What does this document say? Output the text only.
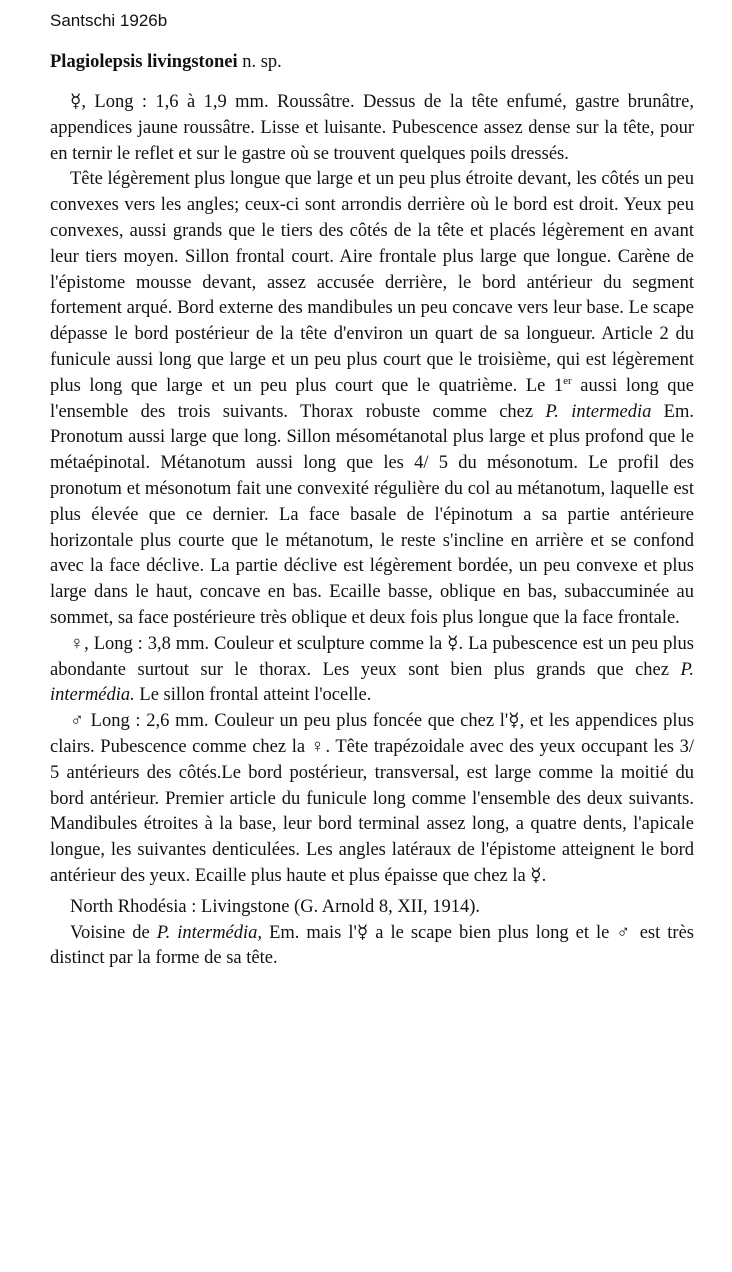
Santschi 1926b
Plagiolepsis livingstonei n. sp.

☿, Long : 1,6 à 1,9 mm. Roussâtre. Dessus de la tête enfumé, gastre brunâtre, appendices jaune roussâtre. Lisse et luisante. Pubescence assez dense sur la tête, pour en ternir le reflet et sur le gastre où se trouvent quelques poils dressés.

Tête légèrement plus longue que large et un peu plus étroite devant, les côtés un peu convexes vers les angles; ceux-ci sont arrondis derrière où le bord est droit. Yeux peu convexes, aussi grands que le tiers des côtés de la tête et placés légèrement en avant leur tiers moyen. Sillon frontal court. Aire frontale plus large que longue. Carène de l'épistome mousse devant, assez accusée derrière, le bord antérieur du segment fortement arqué. Bord externe des mandibules un peu concave vers leur base. Le scape dépasse le bord postérieur de la tête d'environ un quart de sa longueur. Article 2 du funicule aussi long que large et un peu plus court que le troisième, qui est légèrement plus long que large et un peu plus court que le quatrième. Le 1er aussi long que l'ensemble des trois suivants. Thorax robuste comme chez P. intermedia Em. Pronotum aussi large que long. Sillon mésométanotal plus large et plus profond que le métaépinotal. Métanotum aussi long que les 4/ 5 du mésonotum. Le profil des pronotum et mésonotum fait une convexité régulière du col au métanotum, laquelle est plus élevée que ce dernier. La face basale de l'épinotum a sa partie antérieure horizontale plus courte que le métanotum, le reste s'incline en arrière et se confond avec la face déclive. La partie déclive est légèrement bordée, un peu convexe et plus large dans le haut, concave en bas. Ecaille basse, oblique en bas, subaccuminée au sommet, sa face postérieure très oblique et deux fois plus longue que la face frontale.

♀, Long : 3,8 mm. Couleur et sculpture comme la ☿. La pubescence est un peu plus abondante surtout sur le thorax. Les yeux sont bien plus grands que chez P. intermédia. Le sillon frontal atteint l'ocelle.

♂ Long : 2,6 mm. Couleur un peu plus foncée que chez l'☿, et les appendices plus clairs. Pubescence comme chez la ♀. Tête trapézoidale avec des yeux occupant les 3/ 5 antérieurs des côtés.Le bord postérieur, transversal, est large comme la moitié du bord antérieur. Premier article du funicule long comme l'ensemble des deux suivants. Mandibules étroites à la base, leur bord terminal assez long, a quatre dents, l'apicale longue, les suivantes denticulées. Les angles latéraux de l'épistome atteignent le bord antérieur des yeux. Ecaille plus haute et plus épaisse que chez la ☿.

North Rhodésia : Livingstone (G. Arnold 8, XII, 1914).

Voisine de P. intermédia, Em. mais l'☿ a le scape bien plus long et le ♂ est très distinct par la forme de sa tête.
